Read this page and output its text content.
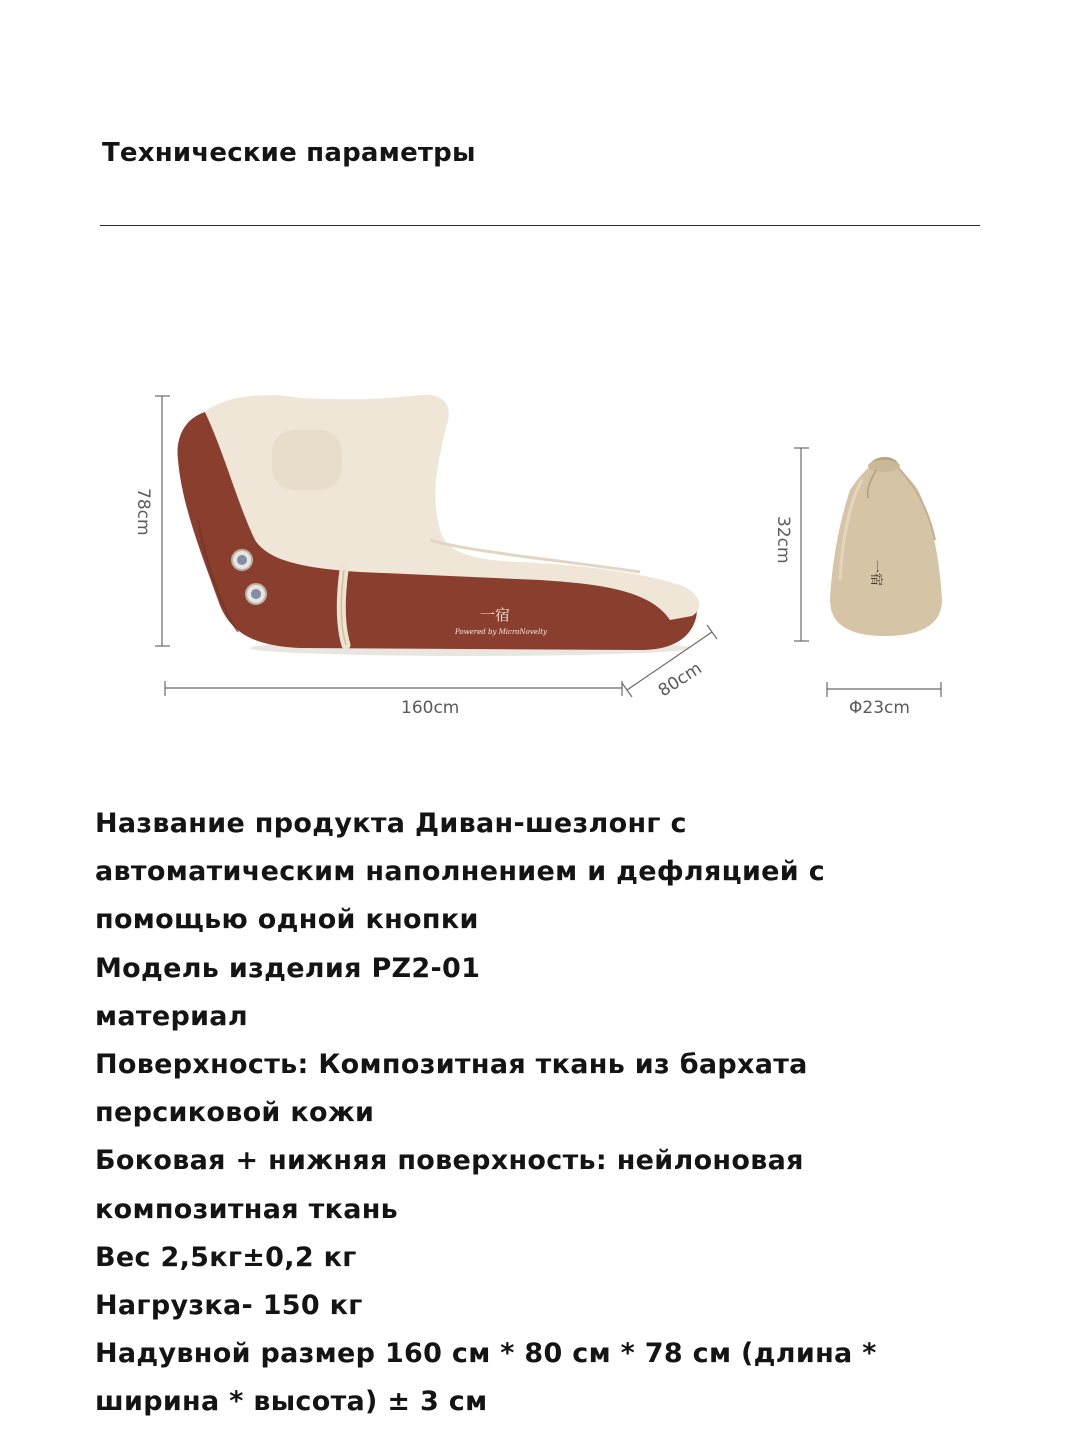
Технические параметры
一宿
Powered by MicroNovelty
78cm
160cm
80cm
一宿
32cm
Φ23cm
Название продукта Диван-шезлонг с
автоматическим наполнением и дефляцией с
помощью одной кнопки
Модель изделия PZ2-01
материал
Поверхность: Композитная ткань из бархата
персиковой кожи
Боковая + нижняя поверхность: нейлоновая
композитная ткань
Вес 2,5кг±0,2 кг
Нагрузка- 150 кг
Надувной размер 160 см * 80 см * 78 см (длина *
ширина * высота) ± 3 см
